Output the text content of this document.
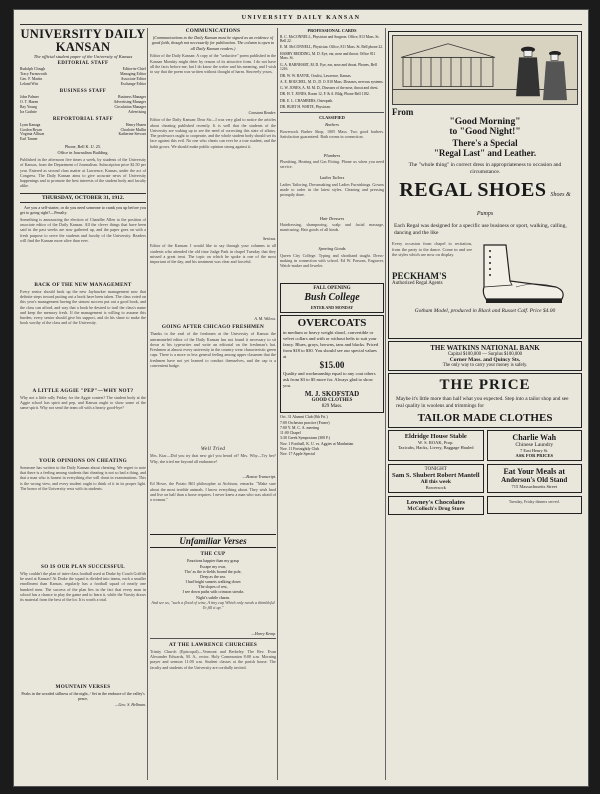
UNIVERSITY DAILY KANSAN
UNIVERSITY DAILY KANSAN
The official student paper of the University of Kansas
EDITORIAL STAFF
Rudolph Clough	Editor-in-Chief
Tracy Farnsworth	Managing Editor
Geo. F. Martin	Associate Editor
Leland Wirt	Exchange Editor
BUSINESS STAFF
John Palmer	Business Manager
O. T. Hazen	Advertising Manager
Ray Young	Circulation Manager
Ira Guthrie	Advertising
REPORTORIAL STAFF
Lynn Kanaga	Henry Hazen
Gordon Bryan	Charlotte Mullin
Virginia Allison	Katherine Stewart
Earl Tanner
Phone, Bell K. U. 25.
Office in Journalism Building.
Published in the afternoon five times a week, by students of the University of Kansas, from the Department of Journalism. Subscription price $2.50 per year. Entered as second class matter at Lawrence, Kansas, under the act of Congress. The Daily Kansan aims to give accurate news of University happenings and to promote the best interests of the student body and faculty alike.
THURSDAY, OCTOBER 31, 1912.

Are you a self-starter, or do you need someone to crank you up before you get to going right?—Penalty.

Something is announcing the election of Chandler Allen to the position of associate editor of the Daily Kansan. All the clever things that have been said in the past weeks are now gathered up, and the paper goes on with a fresh purpose to serve the students and faculty of the University. Readers will find the Kansan more alive than ever.
BACK OF THE NEW MANAGEMENT
Every senior should back up the new Jayhawker management now that definite steps toward putting out a book have been taken. The class voted on this year's management having the utmost success put out a good book, and the class can afford, and way that a book be desired to trail the class's name and keep the memory fresh. If the management is willing to assume this burden, every senior should give his support, and do his share to make the book worthy of the class and of the University.
A LITTLE AGGIE "PEP"—WHY NOT?
Why not a little rally Friday for the Aggie contest? The student body at the Aggie school has spirit and pep, and Kansas ought to show some of the same spirit. Why not send the team off with a hearty good-bye?
YOUR OPINIONS ON CHEATING
Someone has written to the Daily Kansan about cheating. We regret to note that there is a feeling among students that cheating is not so bad a thing, and that a man who is honest in everything else will cheat in examinations. This is the wrong view, and every student ought to think of it in its proper light. The honor of the University rests with its students.
SO IS OUR PLAN SUCCESSFUL
Why couldn't the plan of inter-class football used at Drake by Coach Griffith be used at Kansas? At Drake the squad is divided into teams, each a smaller enrollment than Kansas, regularly has a football squad of nearly one hundred men. The success of the plan lies in the fact that every man in school has a chance to play the game and to learn it, while the Varsity draws its material from the best of the lot. It is worth a trial.
MOUNTAIN VERSES
Peaks in the wooded stillness of the night, / Set in the embrace of the valley's peace,
—Geo. S. Hellman.
COMMUNICATIONS
(Communications to the Daily Kansan must be signed as an evidence of good faith, though not necessarily for publication. The column is open to all Daily Kansan readers.)
Editor of the Daily Kansan: A copy of the "seductive" poem published in the Kansan Monday might deter by reason of its attractive form. I do not have all the facts before me, but I do know the writer and his meaning, and I wish to say that the poem was written without thought of harm. Sincerely yours,
Constant Reader.
Editor of the Daily Kansan: Dear Sir—I was very glad to notice the articles about cheating published recently. It is well that the students of the University are waking up to see the need of correcting this state of affairs. The professors ought to cooperate, and the whole student body should set its face against this evil. No one who cheats can ever be a true student, and the habit grows. We should make public opinion strong against it.
Serious.
Editor of the Kansan: I would like to say through your columns to all students who attended the old time Judge Park in chapel Tuesday that they missed a great treat. The topic on which he spoke is one of the most important of the day, and his treatment was clear and forceful.
A. M. Wilcox.
GOING AFTER CHICAGO FRESHMEN
Thanks to the zeal of the freshmen at the University of Kansas the untrammeled editor of the Daily Kansan has not found it necessary to sit down at his typewriter and write an editorial on the freshman's hat. Freshmen at almost every university in the country wear characteristic green caps. There is a more or less general feeling among upper classmen that the freshmen have not yet learned to conduct themselves, and the cap is a convenient badge.
Well Tried
Mrs. Kiar—Did you try that new girl you heard of? Mrs. Why—Try her? Why, she tried me beyond all endurance!
—Boston Transcript.
Ed Howe, the Potato Hill philosopher at Atchison, remarks: "Make sure about the most terrible animals. I know everything about. They wish hard and live on half than a horse requires. I never knew a man who was afraid of a woman."
Unfamiliar Verses
THE CUP
Emotions happier than my grasp
Escape my own,
Tho' as the is-fields bound the pole,
Deep as the sea.
I had bright sunsets walking down
The slopes of rest,
I see down paths with crimson streaks
Night's subtle charm.
And see us, "such a flood of wine, A tiny cup Which only needs a thimbleful To fill it up."
—Harry Kemp.
AT THE LAWRENCE CHURCHES
Trinity Church (Episcopal)—Vermont and Berkeley. The Rev. Evan Alexander Edwards, M. A., rector. Holy Communion 8:00 a.m. Morning prayer and sermon 11:00 a.m. Student classes at the parish house. The faculty and students of the University are cordially invited.
PROFESSIONAL CARDS
R. C. McCONNELL, Physician and Surgeon. Office, 813 Mass. St. Bell 22.
E. M. McCONNELL, Physician. Office, 811 Mass. St. Bell phone 22.
HARRY REDDING, M. D. Eye, ear, nose and throat. Office 811 Mass. St.
G. A. BARNHART, M. D. Eye, ear, nose and throat. Phones, Bell 1216.
DR. W. W. BAYNE, Oculist, Lawrence, Kansas.
A. E. BOUCHEL, M. D., D. O. 810 Mass. Diseases, nervous systems.
G. W. JONES, A. M. M. D., Diseases of the nose, throat and chest.
DR. H. T. JONES, Room 12, F. & A. Bldg. Phone Bell 1182.
DR. E. L. CHAMBERS, Osteopath.
DR. BURT H. WHITE, Physician.
CLASSIFIED
Barbers
Bowersock Barber Shop, 1005 Mass. Two good barbers. Satisfaction guaranteed. Bath rooms in connection.
Plumbers
Plumbing, Heating and Gas Fitting. Phone us when you need service.
Ladies Tailors
Ladies Tailoring, Dressmaking and Ladies Furnishings. Gowns made to order in the latest styles. Cleaning and pressing promptly done.
Hair Dressers
Hairdressing, shampooing, scalp and facial massage, manicuring. Hair goods of all kinds.
Sporting Goods
Queen City College. Typing and shorthand taught. Dress-making in connection with school. Ed W. Parsons, Engraver, Watch-maker and Jeweler.
FALL OPENING
Bush College
ENTER AND MONDAY
OVERCOATS
in medium or heavy weight shawl, convertible or velvet collars and with or without belts to suit your fancy. Blues, grays, browns, tans and blacks. Priced from $18 to $30. You should see our special values at
$15.00
Quality and workmanship equal to any coat others ask from $3 to $5 more for. Always glad to show you.
M. J. SKOFSTAD
GOOD CLOTHES
829 Mass.
Oct. 31 Alumni Club (8th Fri.)
7:00 Orchestra practice (Fraser)
7:00 Y. M. C. A. meeting
11:00 Chapel
3:30 Greek Symposium (300 F.)
Nov. 1 Football, K. U. vs. Aggies at Manhattan
Nov. 11 Fortnightly Club
Nov. 17 Apple Special
From
"Good Morning"
to "Good Night!"
There's a Special
"Regal Last" and Leather.
The "whole thing" in correct dress in appropriateness to occasion and circumstance.
REGAL SHOES Shoes & Pumps
Each Regal was designed for a specific use business or sport, walking, calling, dancing and the like
Every occasion from chapel to recitation, from the party to the dance. Come in and see the styles which are now on display.
PECKHAM'S
Authorized Regal Agents
Gotham Model, produced in Black and Russet Calf. Price $4.00
THE WATKINS NATIONAL BANK
Capital $100,000 — Surplus $100,000
Corner Mass. and Quincy Sts.
The only way to carry your money is safely.
THE PRICE
Maybe it's little more than half what you expected. Step into a tailor shop and see real quality in woolens and trimmings for
TAILOR MADE CLOTHES
Eldridge House Stable
W. S. ROAK, Prop.
Taxicabs, Hacks, Livery, Baggage Hauled
Charlie Wah
Chinese Laundry
7 East Henry St.
ASK FOR PRICES
TONIGHT
Sam S. Shubert Robert Mantell
All this week
Bowersock
Eat Your Meals at
Anderson's Old Stand
715 Massachusetts Street
Lowney's Chocolates
McColloch's Drug Store
Tuesday, Friday dinners served.
